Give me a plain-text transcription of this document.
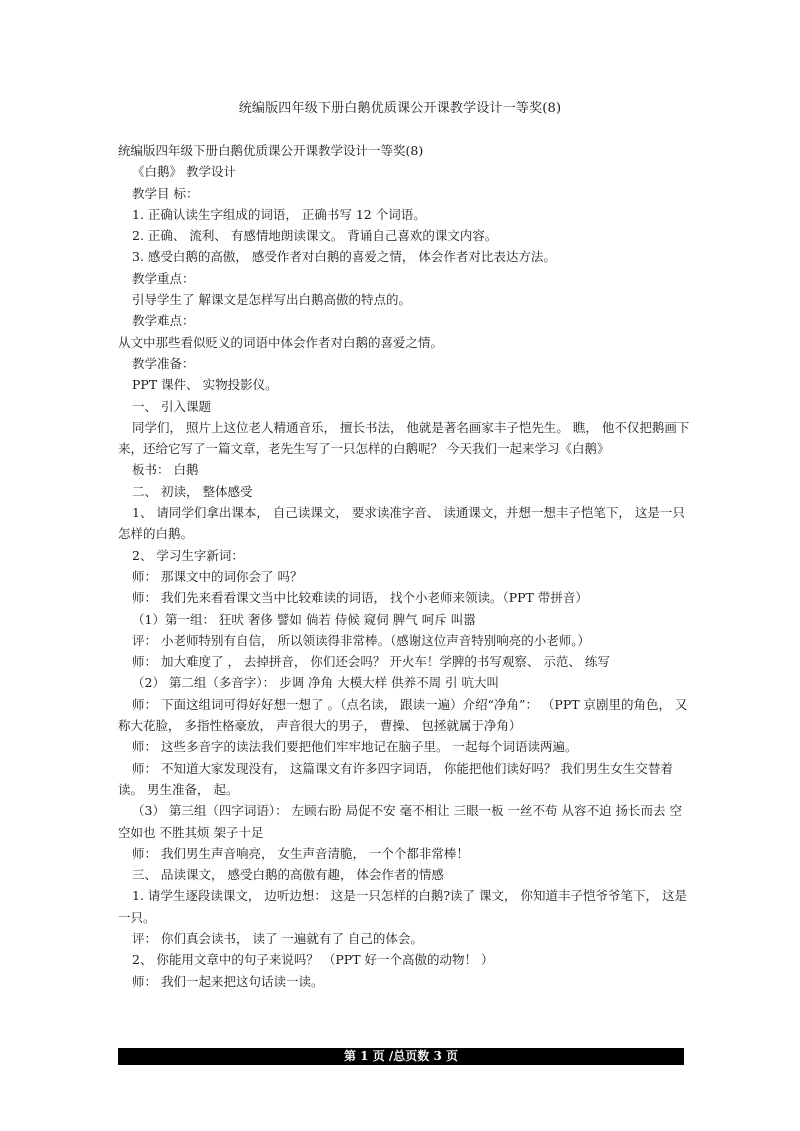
统编版四年级下册白鹅优质课公开课教学设计一等奖(8)

统编版四年级下册白鹅优质课公开课教学设计一等奖(8)

《白鹅》 教学设计

教学目 标：

1. 正确认读生字组成的词语， 正确书写 12 个词语。

2. 正确、 流利、 有感情地朗读课文。 背诵自己喜欢的课文内容。

3. 感受白鹅的高傲， 感受作者对白鹅的喜爱之情， 体会作者对比表达方法。

教学重点：

引导学生了 解课文是怎样写出白鹅高傲的特点的。

教学难点：

从文中那些看似贬义的词语中体会作者对白鹅的喜爱之情。

教学准备：

PPT 课件、 实物投影仪。

一、 引入课题

同学们， 照片上这位老人精通音乐， 擅长书法， 他就是著名画家丰子恺先生。 瞧， 他不仅把鹅画下来，还给它写了一篇文章，老先生写了一只怎样的白鹅呢？ 今天我们一起来学习《白鹅》

板书： 白鹅

二、 初读， 整体感受

1、 请同学们拿出课本， 自己读课文， 要求读准字音、 读通课文，并想一想丰子恺笔下， 这是一只怎样的白鹅。

2、 学习生字新词：

师： 那课文中的词你会了 吗？

师： 我们先来看看课文当中比较难读的词语， 找个小老师来领读。（PPT 带拼音）

（1）第一组： 狂吠 奢侈 譬如 倘若 侍候 窥伺 脾气 呵斥 叫嚣

评： 小老师特别有自信， 所以领读得非常棒。（感谢这位声音特别响亮的小老师。）

师： 加大难度了 ， 去掉拼音， 你们还会吗？ 开火车！学脾的书写观察、 示范、 练写

（2） 第二组（多音字）： 步调 净角 大模大样 供养不周 引 吭大叫

师： 下面这组词可得好好想一想了 。（点名读， 跟读一遍）介绍“净角”： （PPT 京剧里的角色， 又称大花脸， 多指性格豪放， 声音很大的男子， 曹操、 包拯就属于净角）

师： 这些多音字的读法我们要把他们牢牢地记在脑子里。 一起每个词语读两遍。

师： 不知道大家发现没有， 这篇课文有许多四字词语， 你能把他们读好吗？ 我们男生女生交替着读。 男生准备， 起。

（3） 第三组（四字词语）： 左顾右盼 局促不安 毫不相让 三眼一板 一丝不苟 从容不迫 扬长而去 空空如也 不胜其烦 架子十足

师： 我们男生声音响亮， 女生声音清脆， 一个个都非常棒！

三、 品读课文， 感受白鹅的高傲有趣， 体会作者的情感

1. 请学生逐段读课文， 边听边想： 这是一只怎样的白鹅?读了 课文， 你知道丰子恺爷爷笔下， 这是一只。

评： 你们真会读书， 读了 一遍就有了 自己的体会。

2、 你能用文章中的句子来说吗？ （PPT 好一个高傲的动物！ ）

师： 我们一起来把这句话读一读。

第 1 页 /总页数 3 页
